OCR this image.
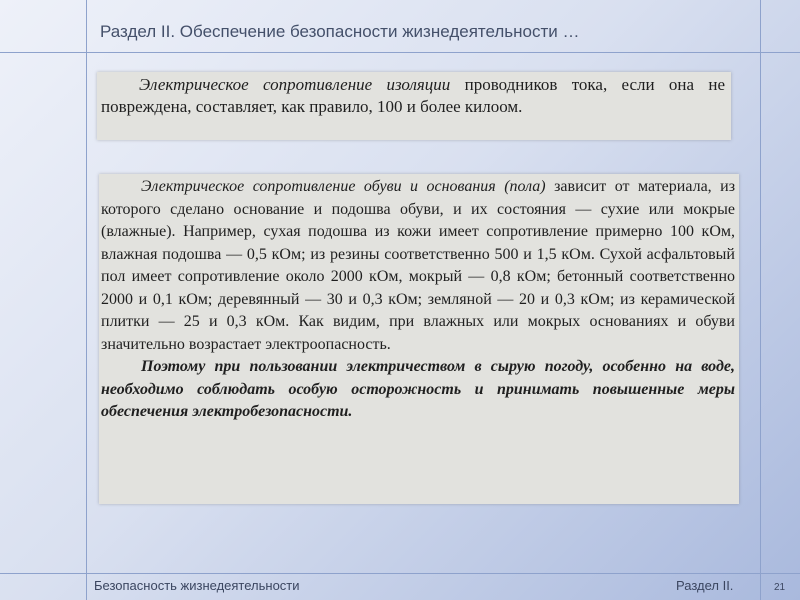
Раздел II. Обеспечение безопасности жизнедеятельности …

Электрическое сопротивление изоляции проводников тока, если она не повреждена, составляет, как правило, 100 и более килоом.

Электрическое сопротивление обуви и основания (пола) зависит от материала, из которого сделано основание и подошва обуви, и их состояния — сухие или мокрые (влажные). Например, сухая подошва из кожи имеет сопротивление примерно 100 кОм, влажная подошва — 0,5 кОм; из резины соответственно 500 и 1,5 кОм. Сухой асфальтовый пол имеет сопротивление около 2000 кОм, мокрый — 0,8 кОм; бетонный соответственно 2000 и 0,1 кОм; деревянный — 30 и 0,3 кОм; земляной — 20 и 0,3 кОм; из керамической плитки — 25 и 0,3 кОм. Как видим, при влажных или мокрых основаниях и обуви значительно возрастает электроопасность.

Поэтому при пользовании электричеством в сырую погоду, особенно на воде, необходимо соблюдать особую осторожность и принимать повышенные меры обеспечения электробезопасности.

Безопасность жизнедеятельности	Раздел II.	21
